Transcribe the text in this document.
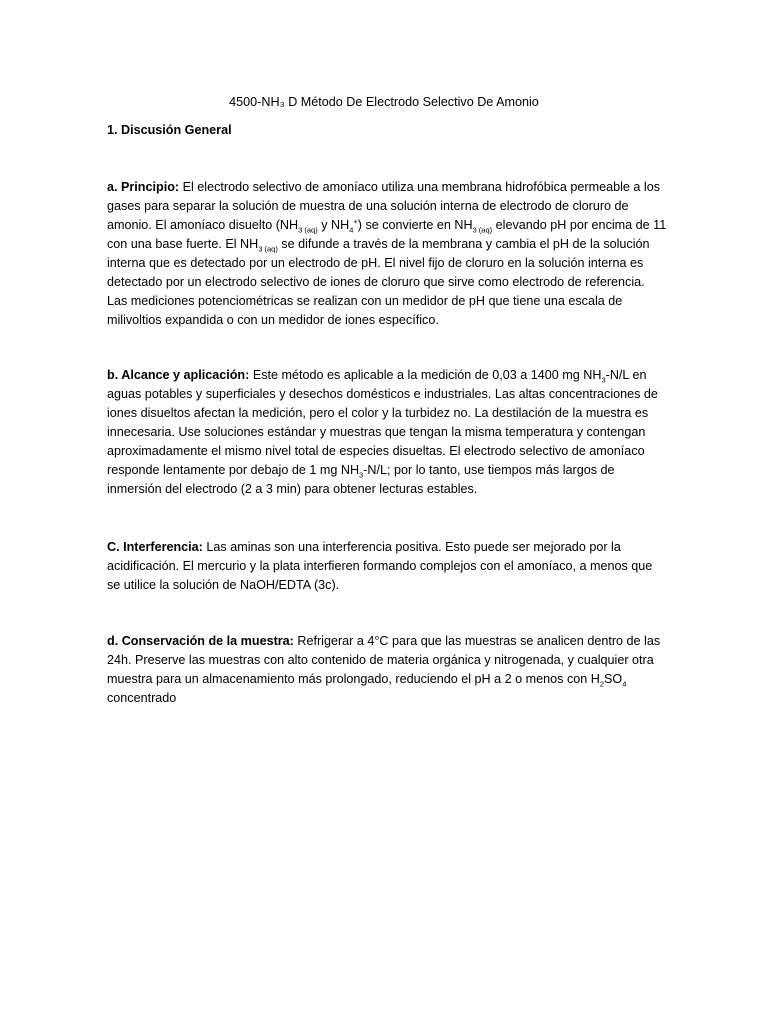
4500-NH₃ D Método De Electrodo Selectivo De Amonio

1. Discusión General

a. Principio: El electrodo selectivo de amoníaco utiliza una membrana hidrofóbica permeable a los
gases para separar la solución de muestra de una solución interna de electrodo de cloruro de
amonio. El amoníaco disuelto ($NH_{3 (aq)}$ y $NH_4^+$) se convierte en $NH_{3 (aq)}$ elevando pH por encima de 11
con una base fuerte. El $NH_{3 (aq)}$ se difunde a través de la membrana y cambia el pH de la solución
interna que es detectado por un electrodo de pH. El nivel fijo de cloruro en la solución interna es
detectado por un electrodo selectivo de iones de cloruro que sirve como electrodo de referencia.
Las mediciones potenciométricas se realizan con un medidor de pH que tiene una escala de
milivoltios expandida o con un medidor de iones específico.
b. Alcance y aplicación: Este método es aplicable a la medición de 0,03 a 1400 mg $NH_3-N/L$ en
aguas potables y superficiales y desechos domésticos e industriales. Las altas concentraciones de
iones disueltos afectan la medición, pero el color y la turbidez no. La destilación de la muestra es
innecesaria. Use soluciones estándar y muestras que tengan la misma temperatura y contengan
aproximadamente el mismo nivel total de especies disueltas. El electrodo selectivo de amoníaco
responde lentamente por debajo de 1 mg $NH_3-N/L$; por lo tanto, use tiempos más largos de
inmersión del electrodo (2 a 3 min) para obtener lecturas estables.
C. Interferencia: Las aminas son una interferencia positiva. Esto puede ser mejorado por la
acidificación. El mercurio y la plata interfieren formando complejos con el amoníaco, a menos que
se utilice la solución de NaOH/EDTA (3c).
d. Conservación de la muestra: Refrigerar a 4°C para que las muestras se analicen dentro de las
24h. Preserve las muestras con alto contenido de materia orgánica y nitrogenada, y cualquier otra
muestra para un almacenamiento más prolongado, reduciendo el pH a 2 o menos con $H_2SO_4$
concentrado
